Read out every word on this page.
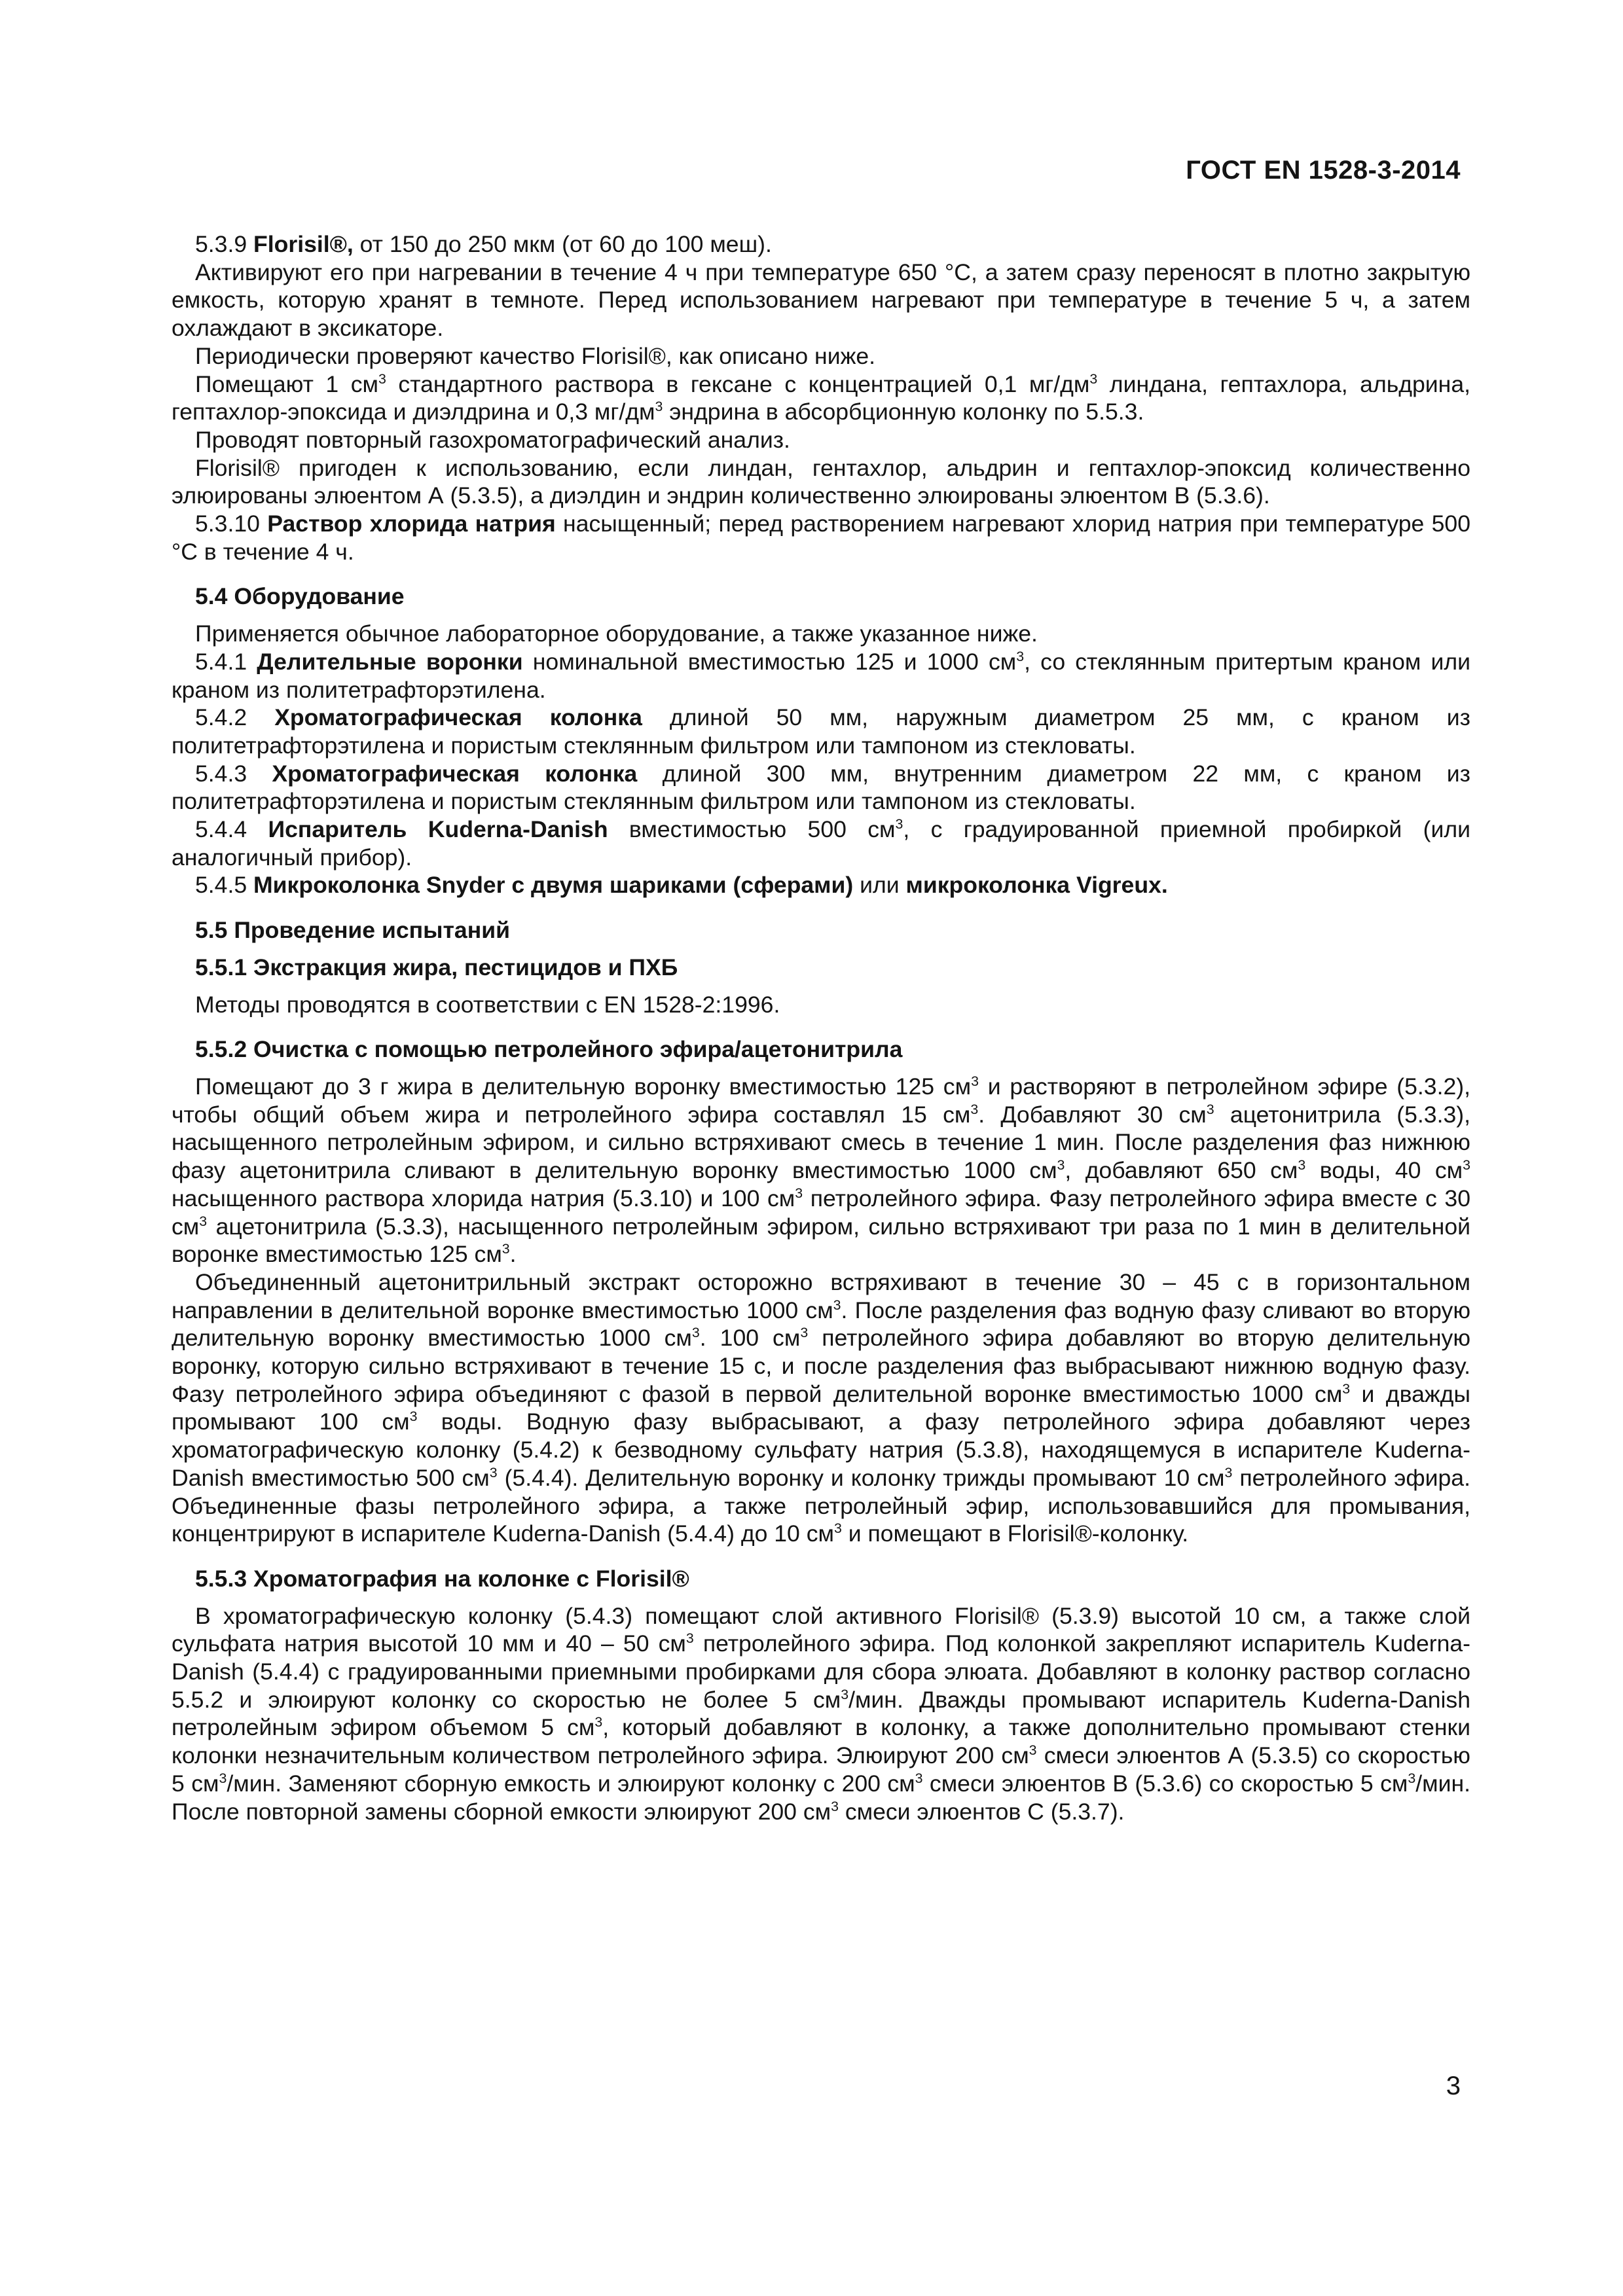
ГОСТ EN 1528-3-2014

5.3.9 Florisil®, от 150 до 250 мкм (от 60 до 100 меш).

Активируют его при нагревании в течение 4 ч при температуре 650 °С, а затем сразу переносят в плотно закрытую емкость, которую хранят в темноте. Перед использованием нагревают при температуре в течение 5 ч, а затем охлаждают в эксикаторе.

Периодически проверяют качество Florisil®, как описано ниже.

Помещают 1 $см^3$ стандартного раствора в гексане с концентрацией 0,1 $мг/дм^3$ линдана, гептахлора, альдрина, гептахлор-эпоксида и диэлдрина и 0,3 $мг/дм^3$ эндрина в абсорбционную колонку по 5.5.3.

Проводят повторный газохроматографический анализ.

Florisil® пригоден к использованию, если линдан, гентахлор, альдрин и гептахлор-эпоксид количественно элюированы элюентом А (5.3.5), а диэлдин и эндрин количественно элюированы элюентом В (5.3.6).

5.3.10 Раствор хлорида натрия насыщенный; перед растворением нагревают хлорид натрия при температуре 500 °С в течение 4 ч.

5.4 Оборудование

Применяется обычное лабораторное оборудование, а также указанное ниже.

5.4.1 Делительные воронки номинальной вместимостью 125 и 1000 $см^3$, со стеклянным притертым краном или краном из политетрафторэтилена.

5.4.2 Хроматографическая колонка длиной 50 мм, наружным диаметром 25 мм, с краном из политетрафторэтилена и пористым стеклянным фильтром или тампоном из стекловаты.

5.4.3 Хроматографическая колонка длиной 300 мм, внутренним диаметром 22 мм, с краном из политетрафторэтилена и пористым стеклянным фильтром или тампоном из стекловаты.

5.4.4 Испаритель Kuderna-Danish вместимостью 500 $см^3$, с градуированной приемной пробиркой (или аналогичный прибор).

5.4.5 Микроколонка Snyder с двумя шариками (сферами) или микроколонка Vigreux.

5.5 Проведение испытаний

5.5.1 Экстракция жира, пестицидов и ПХБ

Методы проводятся в соответствии с EN 1528-2:1996.

5.5.2 Очистка с помощью петролейного эфира/ацетонитрила

Помещают до 3 г жира в делительную воронку вместимостью 125 $см^3$ и растворяют в петролейном эфире (5.3.2), чтобы общий объем жира и петролейного эфира составлял 15 $см^3$. Добавляют 30 $см^3$ ацетонитрила (5.3.3), насыщенного петролейным эфиром, и сильно встряхивают смесь в течение 1 мин. После разделения фаз нижнюю фазу ацетонитрила сливают в делительную воронку вместимостью 1000 $см^3$, добавляют 650 $см^3$ воды, 40 $см^3$ насыщенного раствора хлорида натрия (5.3.10) и 100 $см^3$ петролейного эфира. Фазу петролейного эфира вместе с 30 $см^3$ ацетонитрила (5.3.3), насыщенного петролейным эфиром, сильно встряхивают три раза по 1 мин в делительной воронке вместимостью 125 $см^3$.

Объединенный ацетонитрильный экстракт осторожно встряхивают в течение 30 – 45 с в горизонтальном направлении в делительной воронке вместимостью 1000 $см^3$. После разделения фаз водную фазу сливают во вторую делительную воронку вместимостью 1000 $см^3$. 100 $см^3$ петролейного эфира добавляют во вторую делительную воронку, которую сильно встряхивают в течение 15 с, и после разделения фаз выбрасывают нижнюю водную фазу. Фазу петролейного эфира объединяют с фазой в первой делительной воронке вместимостью 1000 $см^3$ и дважды промывают 100 $см^3$ воды. Водную фазу выбрасывают, а фазу петролейного эфира добавляют через хроматографическую колонку (5.4.2) к безводному сульфату натрия (5.3.8), находящемуся в испарителе Kuderna-Danish вместимостью 500 $см^3$ (5.4.4). Делительную воронку и колонку трижды промывают 10 $см^3$ петролейного эфира. Объединенные фазы петролейного эфира, а также петролейный эфир, использовавшийся для промывания, концентрируют в испарителе Kuderna-Danish (5.4.4) до 10 $см^3$ и помещают в Florisil®-колонку.

5.5.3 Хроматография на колонке с Florisil®

В хроматографическую колонку (5.4.3) помещают слой активного Florisil® (5.3.9) высотой 10 см, а также слой сульфата натрия высотой 10 мм и 40 – 50 $см^3$ петролейного эфира. Под колонкой закрепляют испаритель Kuderna-Danish (5.4.4) с градуированными приемными пробирками для сбора элюата. Добавляют в колонку раствор согласно 5.5.2 и элюируют колонку со скоростью не более 5 $см^3$/мин. Дважды промывают испаритель Kuderna-Danish петролейным эфиром объемом 5 $см^3$, который добавляют в колонку, а также дополнительно промывают стенки колонки незначительным количеством петролейного эфира. Элюируют 200 $см^3$ смеси элюентов А (5.3.5) со скоростью 5 $см^3$/мин. Заменяют сборную емкость и элюируют колонку с 200 $см^3$ смеси элюентов В (5.3.6) со скоростью 5 $см^3$/мин. После повторной замены сборной емкости элюируют 200 $см^3$ смеси элюентов С (5.3.7).

3
